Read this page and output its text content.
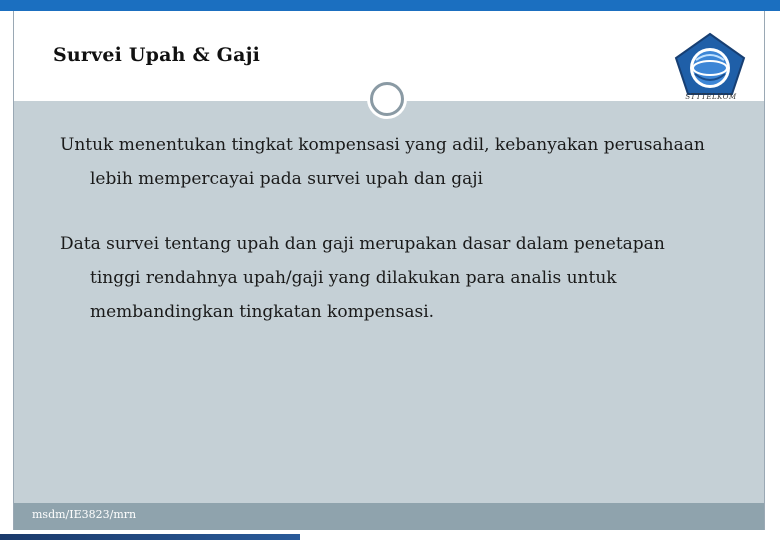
Survei Upah & Gaji
STTTELKOM
Untuk menentukan tingkat kompensasi yang adil, kebanyakan perusahaan
lebih mempercayai pada survei upah dan gaji
Data survei tentang upah dan gaji merupakan dasar dalam penetapan
tinggi rendahnya upah/gaji yang dilakukan para analis untuk
membandingkan tingkatan kompensasi.
msdm/IE3823/mrn
